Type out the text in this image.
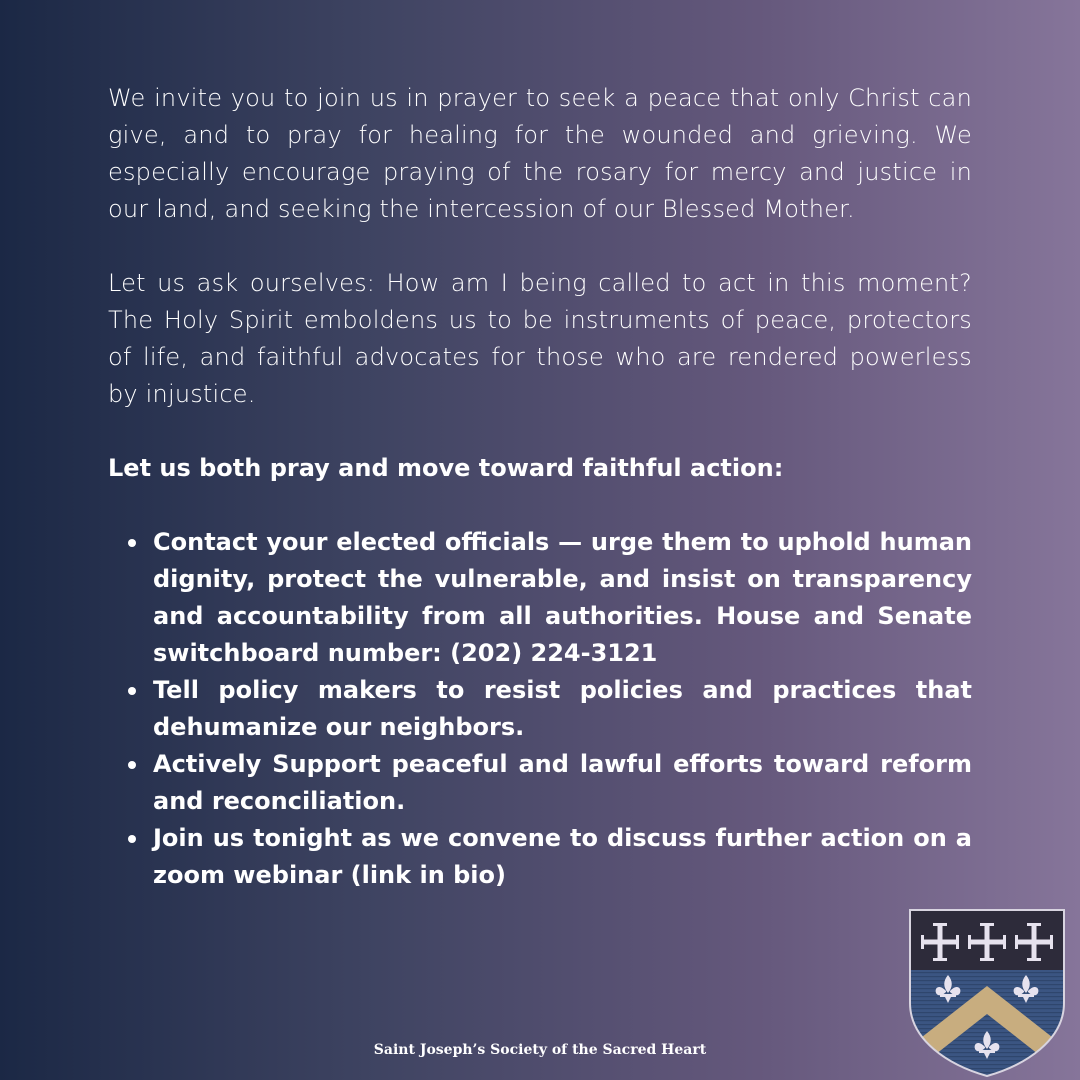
We invite you to join us in prayer to seek a peace that only Christ can give, and to pray for healing for the wounded and grieving. We especially encourage praying of the rosary for mercy and justice in our land, and seeking the intercession of our Blessed Mother.

Let us ask ourselves: How am I being called to act in this moment? The Holy Spirit emboldens us to be instruments of peace, protectors of life, and faithful advocates for those who are rendered powerless by injustice.

Let us both pray and move toward faithful action:

Contact your elected officials — urge them to uphold human dignity, protect the vulnerable, and insist on transparency and accountability from all authorities. House and Senate switchboard number: (202) 224-3121
Tell policy makers to resist policies and practices that dehumanize our neighbors.
Actively Support peaceful and lawful efforts toward reform and reconciliation.
Join us tonight as we convene to discuss further action on a zoom webinar (link in bio)
Saint Joseph’s Society of the Sacred Heart
